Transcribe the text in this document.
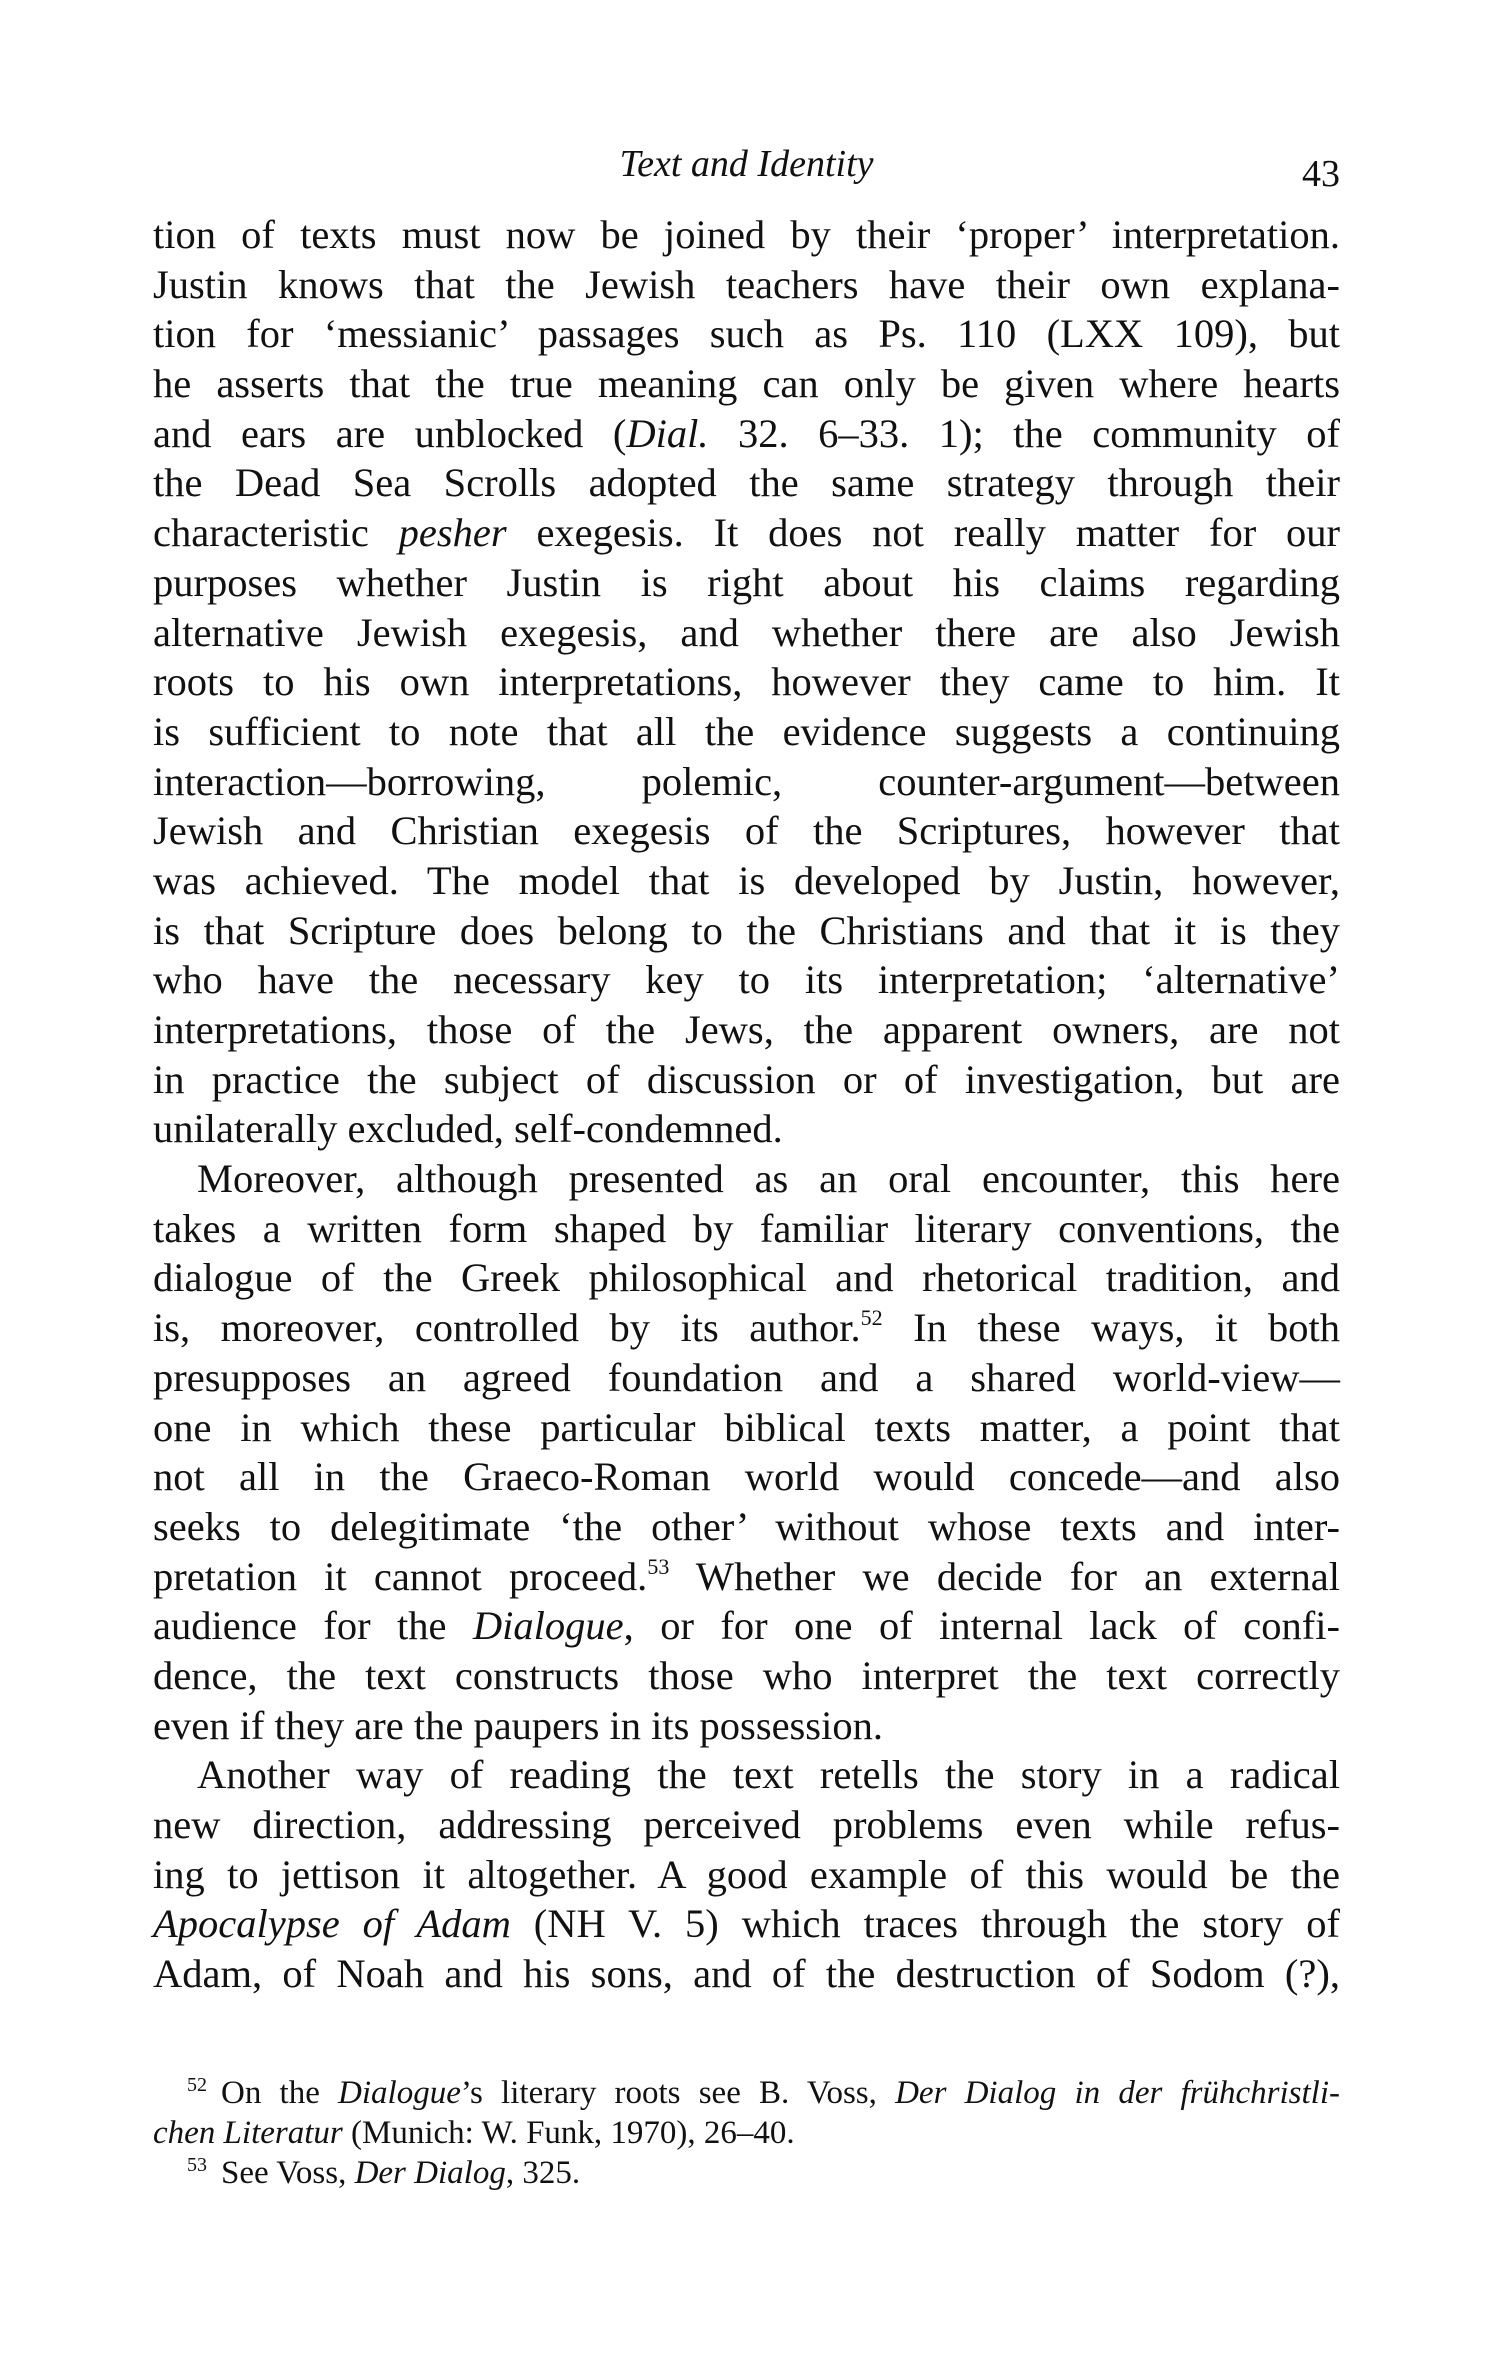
Text and Identity	43
tion of texts must now be joined by their ‘proper’ interpretation.
Justin knows that the Jewish teachers have their own explana-
tion for ‘messianic’ passages such as Ps. 110 (LXX 109), but
he asserts that the true meaning can only be given where hearts
and ears are unblocked (Dial. 32. 6–33. 1); the community of
the Dead Sea Scrolls adopted the same strategy through their
characteristic pesher exegesis. It does not really matter for our
purposes whether Justin is right about his claims regarding
alternative Jewish exegesis, and whether there are also Jewish
roots to his own interpretations, however they came to him. It
is sufficient to note that all the evidence suggests a continuing
interaction—borrowing, polemic, counter-argument—between
Jewish and Christian exegesis of the Scriptures, however that
was achieved. The model that is developed by Justin, however,
is that Scripture does belong to the Christians and that it is they
who have the necessary key to its interpretation; ‘alternative’
interpretations, those of the Jews, the apparent owners, are not
in practice the subject of discussion or of investigation, but are
unilaterally excluded, self-condemned.
Moreover, although presented as an oral encounter, this here
takes a written form shaped by familiar literary conventions, the
dialogue of the Greek philosophical and rhetorical tradition, and
is, moreover, controlled by its author.$^{52}$ In these ways, it both
presupposes an agreed foundation and a shared world-view—
one in which these particular biblical texts matter, a point that
not all in the Graeco-Roman world would concede—and also
seeks to delegitimate ‘the other’ without whose texts and inter-
pretation it cannot proceed.$^{53}$ Whether we decide for an external
audience for the Dialogue, or for one of internal lack of confi-
dence, the text constructs those who interpret the text correctly
even if they are the paupers in its possession.
Another way of reading the text retells the story in a radical
new direction, addressing perceived problems even while refus-
ing to jettison it altogether. A good example of this would be the
Apocalypse of Adam (NH V. 5) which traces through the story of
Adam, of Noah and his sons, and of the destruction of Sodom (?),
$^{52}$ On the Dialogue’s literary roots see B. Voss, Der Dialog in der frühchristli-
chen Literatur (Munich: W. Funk, 1970), 26–40.
$^{53}$ See Voss, Der Dialog, 325.
